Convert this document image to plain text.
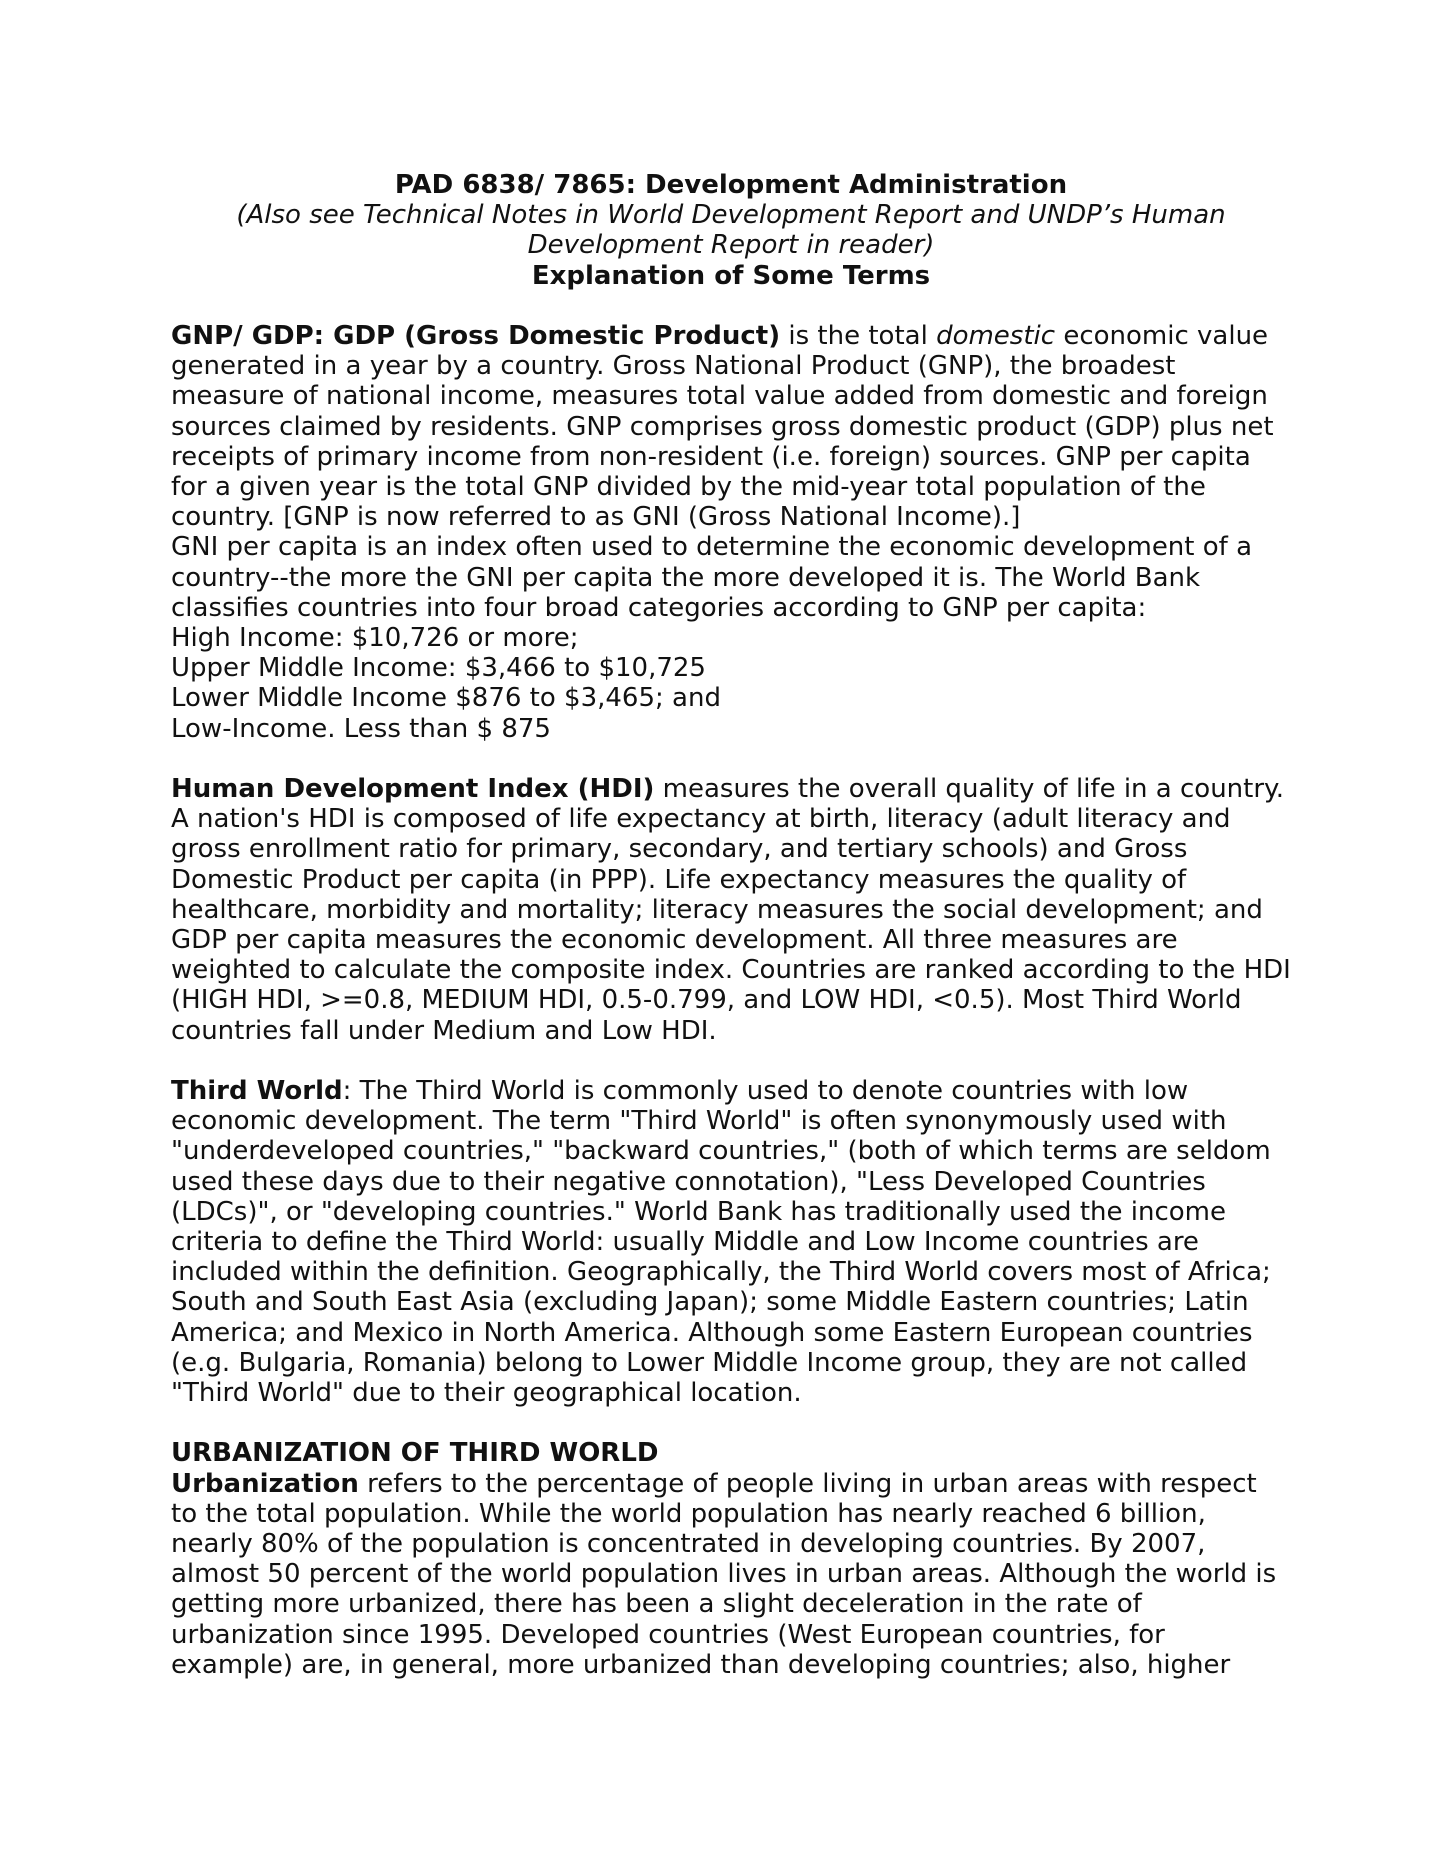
PAD 6838/ 7865: Development Administration
(Also see Technical Notes in World Development Report and UNDP’s Human Development Report in reader)
Explanation of Some Terms

GNP/ GDP: GDP (Gross Domestic Product) is the total domestic economic value generated in a year by a country. Gross National Product (GNP), the broadest measure of national income, measures total value added from domestic and foreign sources claimed by residents. GNP comprises gross domestic product (GDP) plus net receipts of primary income from non-resident (i.e. foreign) sources. GNP per capita for a given year is the total GNP divided by the mid-year total population of the country. [GNP is now referred to as GNI (Gross National Income).]

GNI per capita is an index often used to determine the economic development of a country--the more the GNI per capita the more developed it is. The World Bank classifies countries into four broad categories according to GNP per capita:

High Income: $10,726 or more;
Upper Middle Income: $3,466 to $10,725
Lower Middle Income $876 to $3,465; and
Low-Income. Less than $ 875

Human Development Index (HDI) measures the overall quality of life in a country. A nation's HDI is composed of life expectancy at birth, literacy (adult literacy and gross enrollment ratio for primary, secondary, and tertiary schools) and Gross Domestic Product per capita (in PPP). Life expectancy measures the quality of healthcare, morbidity and mortality; literacy measures the social development; and GDP per capita measures the economic development. All three measures are weighted to calculate the composite index. Countries are ranked according to the HDI (HIGH HDI, >=0.8, MEDIUM HDI, 0.5-0.799, and LOW HDI, <0.5). Most Third World countries fall under Medium and Low HDI.

Third World: The Third World is commonly used to denote countries with low economic development. The term "Third World" is often synonymously used with "underdeveloped countries," "backward countries," (both of which terms are seldom used these days due to their negative connotation), "Less Developed Countries (LDCs)", or "developing countries." World Bank has traditionally used the income criteria to define the Third World: usually Middle and Low Income countries are included within the definition. Geographically, the Third World covers most of Africa; South and South East Asia (excluding Japan); some Middle Eastern countries; Latin America; and Mexico in North America. Although some Eastern European countries (e.g. Bulgaria, Romania) belong to Lower Middle Income group, they are not called "Third World" due to their geographical location.

URBANIZATION OF THIRD WORLD

Urbanization refers to the percentage of people living in urban areas with respect to the total population. While the world population has nearly reached 6 billion, nearly 80% of the population is concentrated in developing countries. By 2007, almost 50 percent of the world population lives in urban areas. Although the world is getting more urbanized, there has been a slight deceleration in the rate of urbanization since 1995. Developed countries (West European countries, for example) are, in general, more urbanized than developing countries; also, higher
